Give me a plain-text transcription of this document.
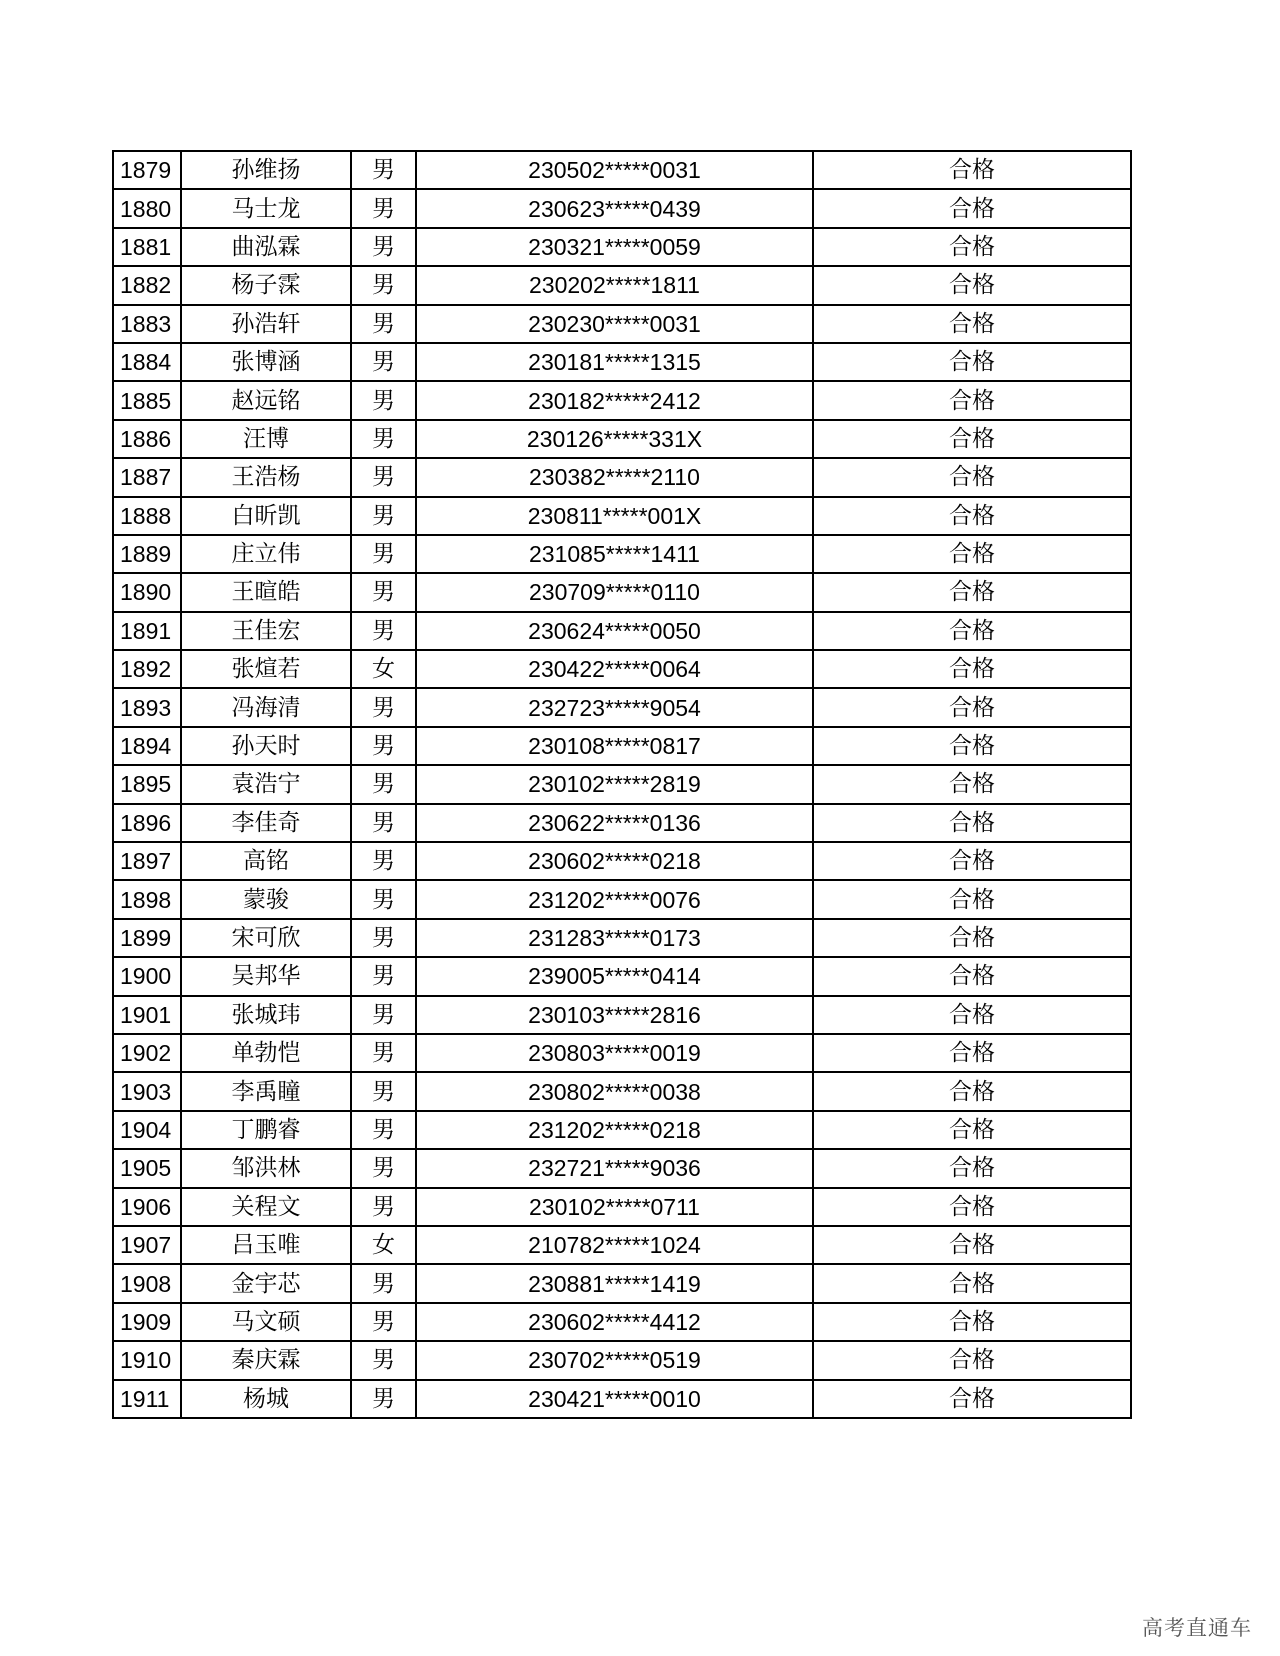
1879	孙维扬	男	230502*****0031	合格
1880	马士龙	男	230623*****0439	合格
1881	曲泓霖	男	230321*****0059	合格
1882	杨子霂	男	230202*****1811	合格
1883	孙浩轩	男	230230*****0031	合格
1884	张博涵	男	230181*****1315	合格
1885	赵远铭	男	230182*****2412	合格
1886	汪博	男	230126*****331X	合格
1887	王浩杨	男	230382*****2110	合格
1888	白昕凯	男	230811*****001X	合格
1889	庄立伟	男	231085*****1411	合格
1890	王暄皓	男	230709*****0110	合格
1891	王佳宏	男	230624*****0050	合格
1892	张煊若	女	230422*****0064	合格
1893	冯海清	男	232723*****9054	合格
1894	孙天时	男	230108*****0817	合格
1895	袁浩宁	男	230102*****2819	合格
1896	李佳奇	男	230622*****0136	合格
1897	高铭	男	230602*****0218	合格
1898	蒙骏	男	231202*****0076	合格
1899	宋可欣	男	231283*****0173	合格
1900	吴邦华	男	239005*****0414	合格
1901	张城玮	男	230103*****2816	合格
1902	单勃恺	男	230803*****0019	合格
1903	李禹瞳	男	230802*****0038	合格
1904	丁鹏睿	男	231202*****0218	合格
1905	邹洪林	男	232721*****9036	合格
1906	关程文	男	230102*****0711	合格
1907	吕玉唯	女	210782*****1024	合格
1908	金宇芯	男	230881*****1419	合格
1909	马文硕	男	230602*****4412	合格
1910	秦庆霖	男	230702*****0519	合格
1911	杨城	男	230421*****0010	合格
高考直通车
